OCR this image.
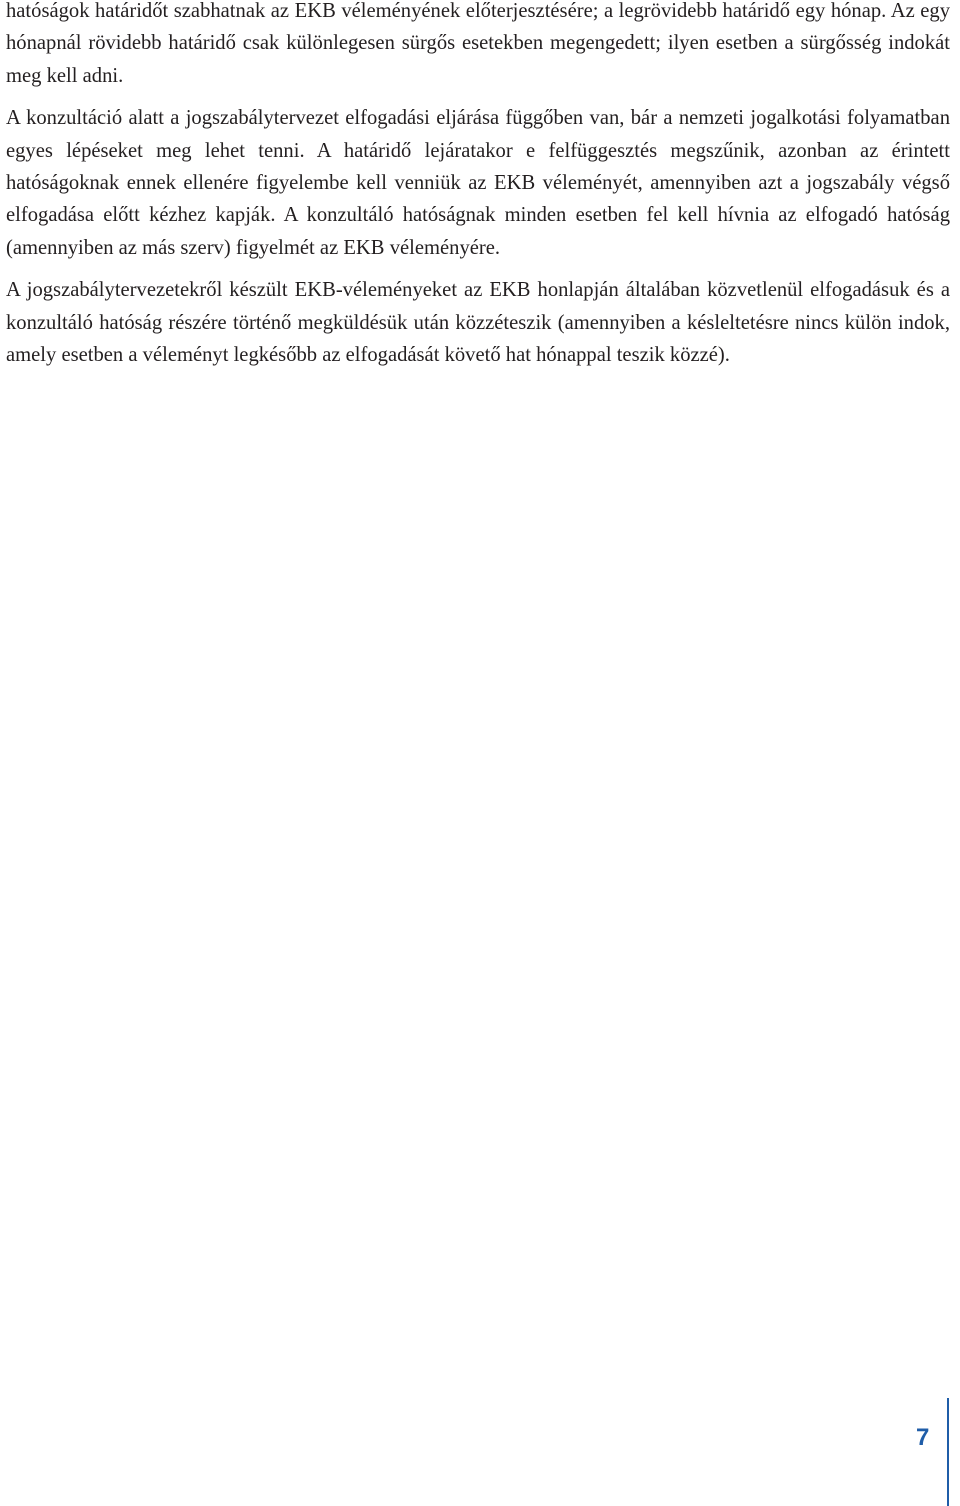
hatóságok határidőt szabhatnak az EKB véleményének előterjesztésére; a legrövidebb határidő egy hónap. Az egy hónapnál rövidebb határidő csak különlegesen sürgős esetekben megengedett; ilyen esetben a sürgősség indokát meg kell adni.

A konzultáció alatt a jogszabálytervezet elfogadási eljárása függőben van, bár a nemzeti jogalkotási folyamatban egyes lépéseket meg lehet tenni. A határidő lejáratakor e felfüggesztés megszűnik, azonban az érintett hatóságoknak ennek ellenére figyelembe kell venniük az EKB véleményét, amennyiben azt a jogszabály végső elfogadása előtt kézhez kapják. A konzultáló hatóságnak minden esetben fel kell hívnia az elfogadó hatóság (amennyiben az más szerv) figyelmét az EKB véleményére.

A jogszabálytervezetekről készült EKB-véleményeket az EKB honlapján általában közvetlenül elfogadásuk és a konzultáló hatóság részére történő megküldésük után közzéteszik (amennyiben a késleltetésre nincs külön indok, amely esetben a véleményt legkésőbb az elfogadását követő hat hónappal teszik közzé).

7
